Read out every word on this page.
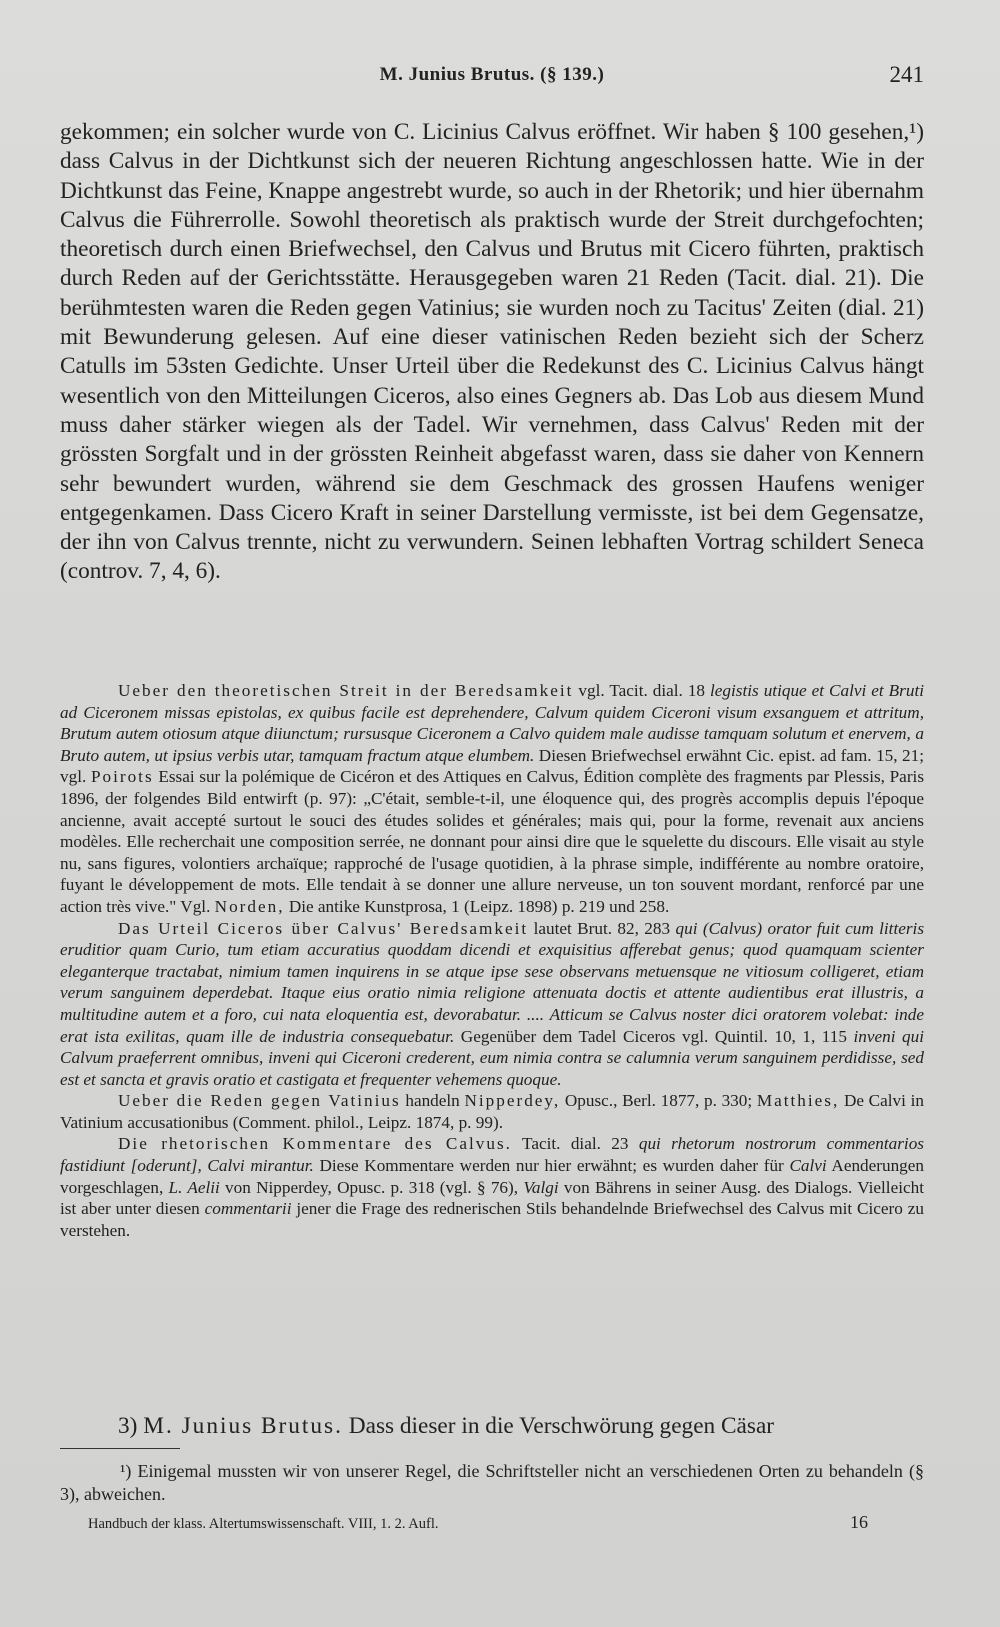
M. Junius Brutus. (§ 139.)	241

gekommen; ein solcher wurde von C. Licinius Calvus eröffnet. Wir haben § 100 gesehen,¹) dass Calvus in der Dichtkunst sich der neueren Richtung angeschlossen hatte. Wie in der Dichtkunst das Feine, Knappe angestrebt wurde, so auch in der Rhetorik; und hier übernahm Calvus die Führerrolle. Sowohl theoretisch als praktisch wurde der Streit durchgefochten; theoretisch durch einen Briefwechsel, den Calvus und Brutus mit Cicero führten, praktisch durch Reden auf der Gerichtsstätte. Herausgegeben waren 21 Reden (Tacit. dial. 21). Die berühmtesten waren die Reden gegen Vatinius; sie wurden noch zu Tacitus' Zeiten (dial. 21) mit Bewunderung gelesen. Auf eine dieser vatinischen Reden bezieht sich der Scherz Catulls im 53sten Gedichte. Unser Urteil über die Redekunst des C. Licinius Calvus hängt wesentlich von den Mitteilungen Ciceros, also eines Gegners ab. Das Lob aus diesem Mund muss daher stärker wiegen als der Tadel. Wir vernehmen, dass Calvus' Reden mit der grössten Sorgfalt und in der grössten Reinheit abgefasst waren, dass sie daher von Kennern sehr bewundert wurden, während sie dem Geschmack des grossen Haufens weniger entgegenkamen. Dass Cicero Kraft in seiner Darstellung vermisste, ist bei dem Gegensatze, der ihn von Calvus trennte, nicht zu verwundern. Seinen lebhaften Vortrag schildert Seneca (controv. 7, 4, 6).

Ueber den theoretischen Streit in der Beredsamkeit vgl. Tacit. dial. 18 legistis utique et Calvi et Bruti ad Ciceronem missas epistolas, ex quibus facile est deprehendere, Calvum quidem Ciceroni visum exsanguem et attritum, Brutum autem otiosum atque diiunctum; rursusque Ciceronem a Calvo quidem male audisse tamquam solutum et enervem, a Bruto autem, ut ipsius verbis utar, tamquam fractum atque elumbem. Diesen Briefwechsel erwähnt Cic. epist. ad fam. 15, 21; vgl. Poirots Essai sur la polémique de Cicéron et des Attiques en Calvus, Édition complète des fragments par Plessis, Paris 1896, der folgendes Bild entwirft (p. 97): „C'était, semble-t-il, une éloquence qui, des progrès accomplis depuis l'époque ancienne, avait accepté surtout le souci des études solides et générales; mais qui, pour la forme, revenait aux anciens modèles. Elle recherchait une composition serrée, ne donnant pour ainsi dire que le squelette du discours. Elle visait au style nu, sans figures, volontiers archaïque; rapproché de l'usage quotidien, à la phrase simple, indifférente au nombre oratoire, fuyant le développement de mots. Elle tendait à se donner une allure nerveuse, un ton souvent mordant, renforcé par une action très vive." Vgl. Norden, Die antike Kunstprosa, 1 (Leipz. 1898) p. 219 und 258.

Das Urteil Ciceros über Calvus' Beredsamkeit lautet Brut. 82, 283 qui (Calvus) orator fuit cum litteris eruditior quam Curio, tum etiam accuratius quoddam dicendi et exquisitius afferebat genus; quod quamquam scienter eleganterque tractabat, nimium tamen inquirens in se atque ipse sese observans metuensque ne vitiosum colligeret, etiam verum sanguinem deperdebat. Itaque eius oratio nimia religione attenuata doctis et attente audientibus erat illustris, a multitudine autem et a foro, cui nata eloquentia est, devorabatur. .... Atticum se Calvus noster dici oratorem volebat: inde erat ista exilitas, quam ille de industria consequebatur. Gegenüber dem Tadel Ciceros vgl. Quintil. 10, 1, 115 inveni qui Calvum praeferrent omnibus, inveni qui Ciceroni crederent, eum nimia contra se calumnia verum sanguinem perdidisse, sed est et sancta et gravis oratio et castigata et frequenter vehemens quoque.

Ueber die Reden gegen Vatinius handeln Nipperdey, Opusc., Berl. 1877, p. 330; Matthies, De Calvi in Vatinium accusationibus (Comment. philol., Leipz. 1874, p. 99).

Die rhetorischen Kommentare des Calvus. Tacit. dial. 23 qui rhetorum nostrorum commentarios fastidiunt [oderunt], Calvi mirantur. Diese Kommentare werden nur hier erwähnt; es wurden daher für Calvi Aenderungen vorgeschlagen, L. Aelii von Nipperdey, Opusc. p. 318 (vgl. § 76), Valgi von Bährens in seiner Ausg. des Dialogs. Vielleicht ist aber unter diesen commentarii jener die Frage des rednerischen Stils behandelnde Briefwechsel des Calvus mit Cicero zu verstehen.

3) M. Junius Brutus. Dass dieser in die Verschwörung gegen Cäsar
¹) Einigemal mussten wir von unserer Regel, die Schriftsteller nicht an verschiedenen Orten zu behandeln (§ 3), abweichen.
Handbuch der klass. Altertumswissenschaft. VIII, 1. 2. Aufl.	16
